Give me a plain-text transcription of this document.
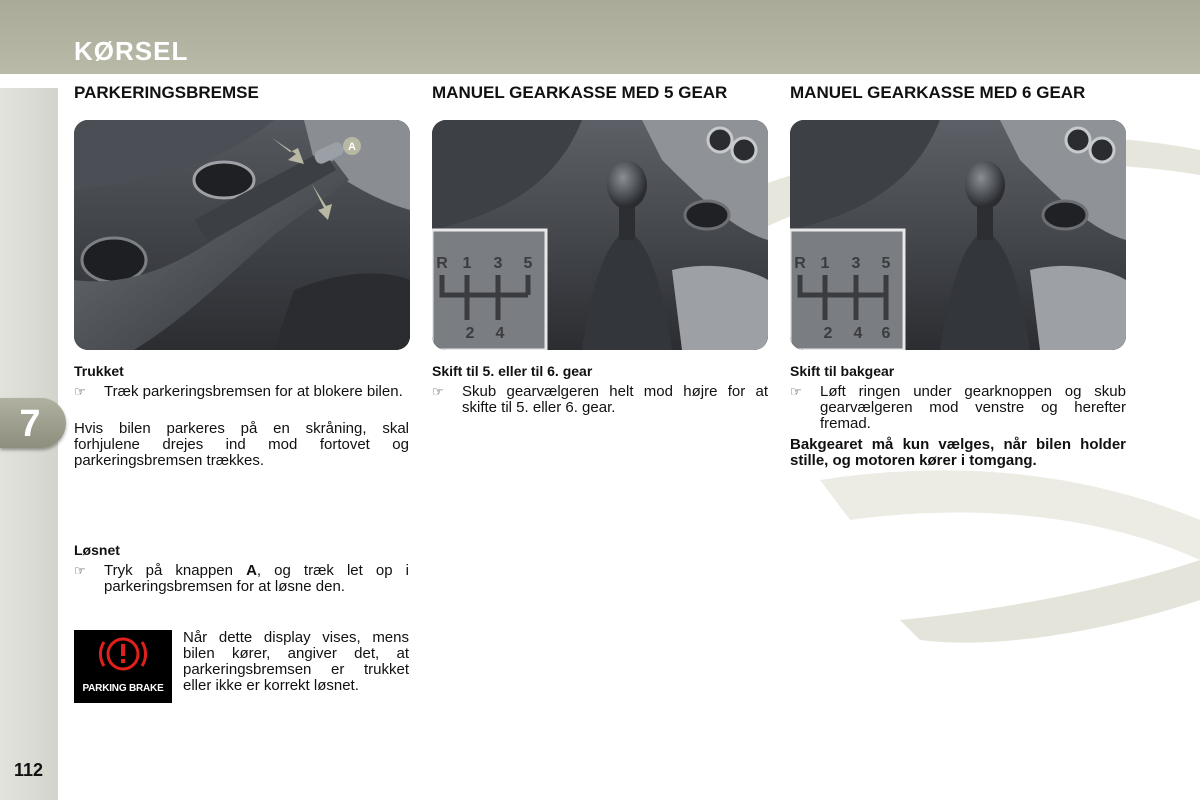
KØRSEL
7
112
PARKERINGSBREMSE
A
Trukket
☞ Træk parkeringsbremsen for at blokere bilen.
Hvis bilen parkeres på en skråning, skal forhjulene drejes ind mod fortovet og parkeringsbremsen trækkes.
Løsnet
☞ Tryk på knappen A, og træk let op i parkeringsbremsen for at løsne den.
PARKING BRAKE
Når dette display vises, mens bilen kører, angiver det, at parkeringsbremsen er trukket eller ikke er korrekt løsnet.
MANUEL GEARKASSE MED 5 GEAR
R 1 3 5
2 4
Skift til 5. eller til 6. gear
☞ Skub gearvælgeren helt mod højre for at skifte til 5. eller 6. gear.
MANUEL GEARKASSE MED 6 GEAR
R 1 3 5
2 4 6
Skift til bakgear
☞ Løft ringen under gearknoppen og skub gearvælgeren mod venstre og herefter fremad.
Bakgearet må kun vælges, når bilen holder stille, og motoren kører i tomgang.
